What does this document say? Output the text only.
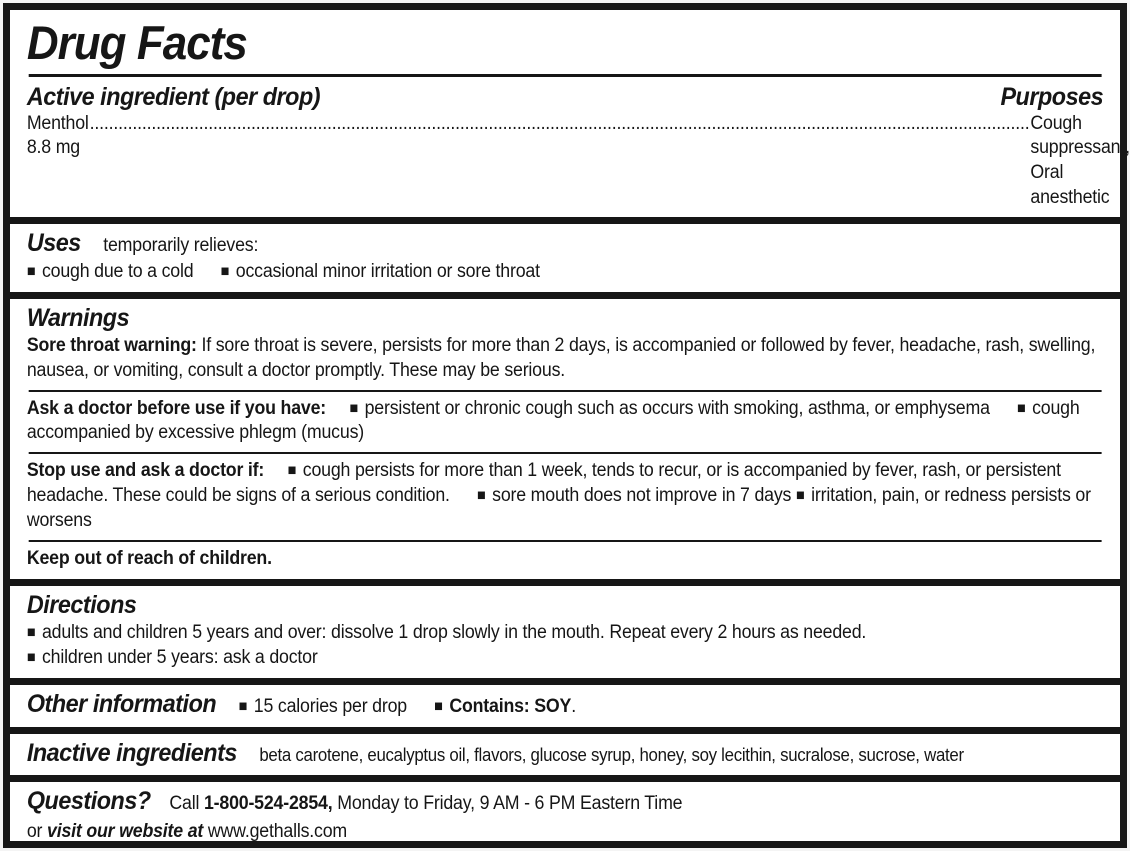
Drug Facts
Active ingredient (per drop)	Purposes
Menthol 8.8 mg
.....
Cough suppressant, Oral anesthetic
Uses temporarily relieves:

■ cough due to a cold ■ occasional minor irritation or sore throat

Warnings

Sore throat warning: If sore throat is severe, persists for more than 2 days, is accompanied or followed by fever, headache, rash, swelling, nausea, or vomiting, consult a doctor promptly. These may be serious.

Ask a doctor before use if you have: ■ persistent or chronic cough such as occurs with smoking, asthma, or emphysema ■ cough accompanied by excessive phlegm (mucus)

Stop use and ask a doctor if: ■ cough persists for more than 1 week, tends to recur, or is accompanied by fever, rash, or persistent headache. These could be signs of a serious condition. ■ sore mouth does not improve in 7 days ■ irritation, pain, or redness persists or worsens

Keep out of reach of children.

Directions

■ adults and children 5 years and over: dissolve 1 drop slowly in the mouth. Repeat every 2 hours as needed.

■ children under 5 years: ask a doctor

Other information ■ 15 calories per drop ■ Contains: SOY.
Inactive ingredients beta carotene, eucalyptus oil, flavors, glucose syrup, honey, soy lecithin, sucralose, sucrose, water
Questions? Call 1-800-524-2854, Monday to Friday, 9 AM - 6 PM Eastern Time
or visit our website at www.gethalls.com
